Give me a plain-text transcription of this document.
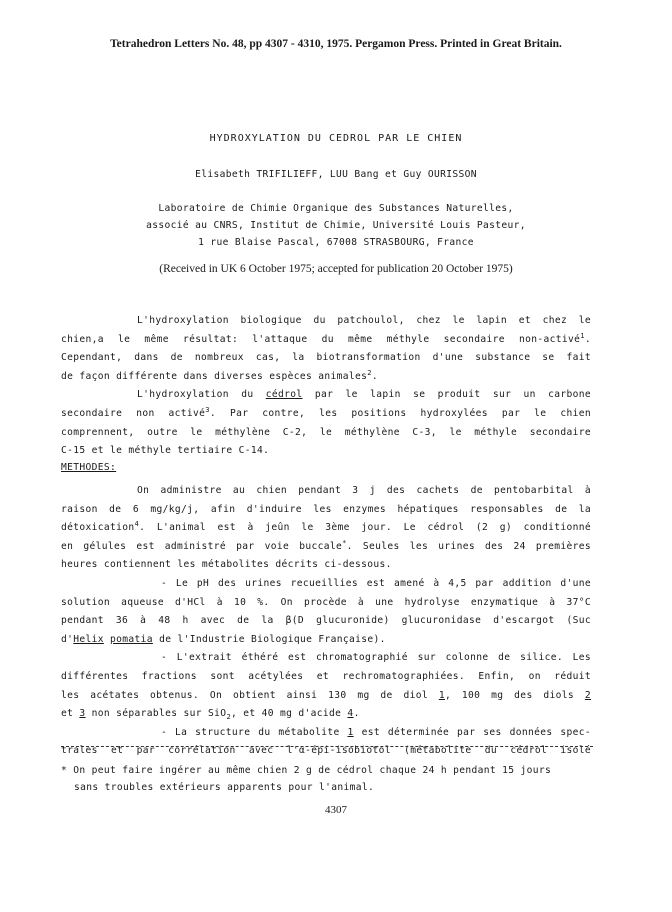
Tetrahedron Letters No. 48, pp 4307 - 4310, 1975. Pergamon Press. Printed in Great Britain.
HYDROXYLATION DU CEDROL PAR LE CHIEN
Elisabeth TRIFILIEFF, LUU Bang et Guy OURISSON
Laboratoire de Chimie Organique des Substances Naturelles,
associé au CNRS, Institut de Chimie, Université Louis Pasteur,
1 rue Blaise Pascal, 67008 STRASBOURG, France
(Received in UK 6 October 1975; accepted for publication 20 October 1975)
L'hydroxylation biologique du patchoulol, chez le lapin et chez le
chien,a le même résultat: l'attaque du même méthyle secondaire non-activé$^1$.
Cependant, dans de nombreux cas, la biotransformation d'une substance se fait
de façon différente dans diverses espèces animales$^2$.
L'hydroxylation du cédrol par le lapin se produit sur un carbone
secondaire non activé$^3$. Par contre, les positions hydroxylées par le chien
comprennent, outre le méthylène C-2, le méthylène C-3, le méthyle secondaire
C-15 et le méthyle tertiaire C-14.
METHODES:
On administre au chien pendant 3 j des cachets de pentobarbital à
raison de 6 mg/kg/j, afin d'induire les enzymes hépatiques responsables de la
détoxication$^4$. L'animal est à jeûn le 3ème jour. Le cédrol (2 g) conditionné
en gélules est administré par voie buccale*. Seules les urines des 24 premières
heures contiennent les métabolites décrits ci-dessous.
- Le pH des urines recueillies est amené à 4,5 par addition d'une
solution aqueuse d'HCl à 10 %. On procède à une hydrolyse enzymatique à 37°C
pendant 36 à 48 h avec de la β(D glucuronide) glucuronidase d'escargot (Suc
d'Helix pomatia de l'Industrie Biologique Française).
- L'extrait éthéré est chromatographié sur colonne de silice. Les
différentes fractions sont acétylées et rechromatographiées. Enfin, on réduit
les acétates obtenus. On obtient ainsi 130 mg de diol 1, 100 mg des diols 2
et 3 non séparables sur SiO$_2$, et 40 mg d'acide 4.
- La structure du métabolite 1 est déterminée par ses données spec-
trales et par corrélation avec l'α-épi-isobiotol (métabolite du cédrol isolé
* On peut faire ingérer au même chien 2 g de cédrol chaque 24 h pendant 15 jours
sans troubles extérieurs apparents pour l'animal.
4307
